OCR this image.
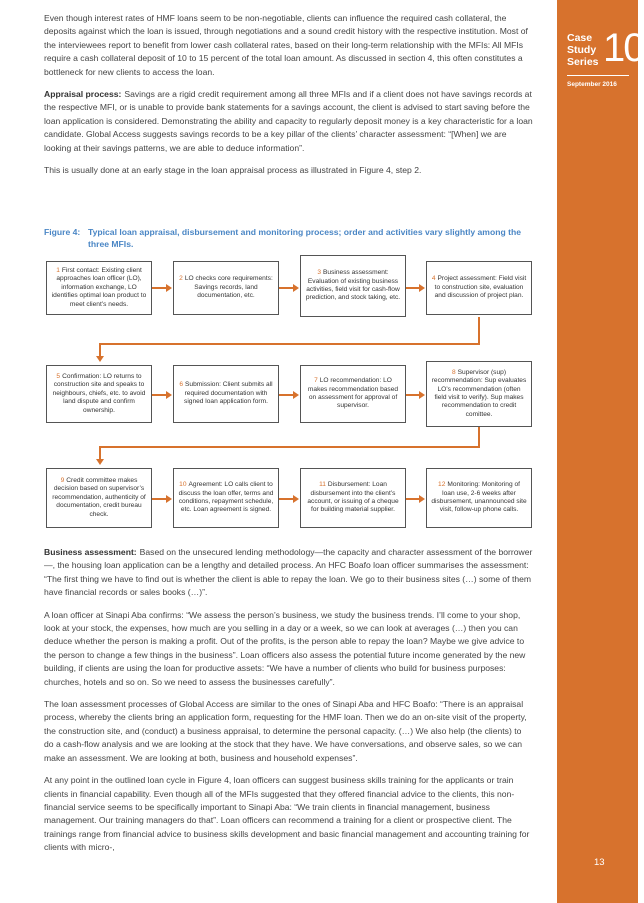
Case
Study
Series 10
September 2016
13

Even though interest rates of HMF loans seem to be non-negotiable, clients can influence the required cash collateral, the deposits against which the loan is issued, through negotiations and a sound credit history with the respective institution. Most of the interviewees report to benefit from lower cash collateral rates, based on their long-term relationship with the MFIs: All MFIs require a cash collateral deposit of 10 to 15 percent of the total loan amount. As discussed in section 4, this often constitutes a bottleneck for new clients to access the loan.

Appraisal process: Savings are a rigid credit requirement among all three MFIs and if a client does not have savings records at the respective MFI, or is unable to provide bank statements for a savings account, the client is advised to start saving before the loan application is considered. Demonstrating the ability and capacity to regularly deposit money is a key characteristic for a loan candidate. Global Access suggests savings records to be a key pillar of the clients’ character assessment: “[When] we are looking at their savings patterns, we are able to deduce information”.

This is usually done at an early stage in the loan appraisal process as illustrated in Figure 4, step 2.

Figure 4: Typical loan appraisal, disbursement and monitoring process; order and activities vary slightly among the three MFIs.
1 First contact: Existing client approaches loan officer (LO), information exchange, LO identifies optimal loan product to meet client’s needs.
2 LO checks core requirements: Savings records, land documentation, etc.
3 Business assessment: Evaluation of existing business activities, field visit for cash-flow prediction, and stock taking, etc.
4 Project assessment: Field visit to construction site, evaluation and discussion of project plan.
5 Confirmation: LO returns to construction site and speaks to neighbours, chiefs, etc. to avoid land dispute and confirm ownership.
6 Submission: Client submits all required documentation with signed loan application form.
7 LO recommendation: LO makes recommendation based on assessment for approval of supervisor.
8 Supervisor (sup) recommendation: Sup evaluates LO’s recommendation (often field visit to verify). Sup makes recommendation to credit comittee.
9 Credit committee makes decision based on supervisor’s recommendation, authenticity of documentation, credit bureau check.
10 Agreement: LO calls client to discuss the loan offer, terms and conditions, repayment schedule, etc. Loan agreement is signed.
11 Disbursement: Loan disbursement into the client’s account, or issuing of a cheque for building material supplier.
12 Monitoring: Monitoring of loan use, 2-6 weeks after disbursement, unannounced site visit, follow-up phone calls.

Business assessment: Based on the unsecured lending methodology—the capacity and character assessment of the borrower—, the housing loan application can be a lengthy and detailed process. An HFC Boafo loan officer summarises the assessment: “The first thing we have to find out is whether the client is able to repay the loan. We go to their business sites (…) some of them have financial records or sales books (…)”.

A loan officer at Sinapi Aba confirms: “We assess the person’s business, we study the business trends. I’ll come to your shop, look at your stock, the expenses, how much are you selling in a day or a week, so we can look at averages (…) then you can deduce whether the person is making a profit. Out of the profits, is the person able to repay the loan? Maybe we give advice to the person to change a few things in the business”. Loan officers also assess the potential future income generated by the new building, if clients are using the loan for productive assets: “We have a number of clients who build for business purposes: churches, hotels and so on. So we need to assess the businesses carefully”.

The loan assessment processes of Global Access are similar to the ones of Sinapi Aba and HFC Boafo: “There is an appraisal process, whereby the clients bring an application form, requesting for the HMF loan. Then we do an on-site visit of the property, the construction site, and (conduct) a business appraisal, to determine the personal capacity. (…) We also help (the clients) to do a cash-flow analysis and we are looking at the stock that they have. We have conversations, and observe sales, so we can make an assessment. We are looking at both, business and household expenses”.

At any point in the outlined loan cycle in Figure 4, loan officers can suggest business skills training for the applicants or train clients in financial capability. Even though all of the MFIs suggested that they offered financial advice to the clients, this non-financial service seems to be specifically important to Sinapi Aba: “We train clients in financial management, business management. Our training managers do that”. Loan officers can recommend a training for a client or prospective client. The trainings range from financial advice to business skills development and basic financial management and accounting training for clients with micro-,
